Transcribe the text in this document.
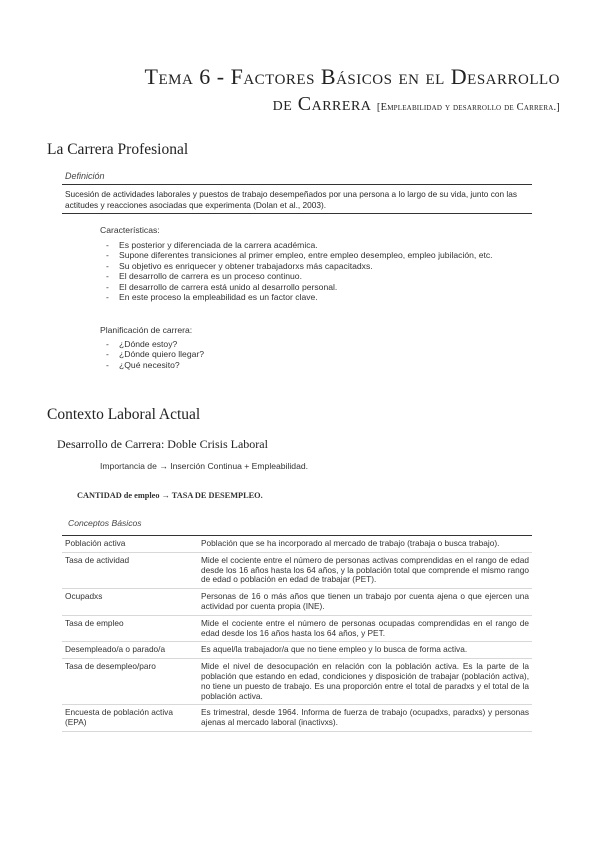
Tema 6 - Factores Básicos en el Desarrollo
de Carrera [Empleabilidad y desarrollo de Carrera.]
La Carrera Profesional
Definición
Sucesión de actividades laborales y puestos de trabajo desempeñados por una persona a lo largo de su vida, junto con las actitudes y reacciones asociadas que experimenta (Dolan et al., 2003).
Características:
- Es posterior y diferenciada de la carrera académica.
- Supone diferentes transiciones al primer empleo, entre empleo desempleo, empleo jubilación, etc.
- Su objetivo es enriquecer y obtener trabajadorxs más capacitadxs.
- El desarrollo de carrera es un proceso continuo.
- El desarrollo de carrera está unido al desarrollo personal.
- En este proceso la empleabilidad es un factor clave.
Planificación de carrera:
- ¿Dónde estoy?
- ¿Dónde quiero llegar?
- ¿Qué necesito?
Contexto Laboral Actual
Desarrollo de Carrera: Doble Crisis Laboral
Importancia de → Inserción Continua + Empleabilidad.
CANTIDAD de empleo → TASA DE DESEMPLEO.
Conceptos Básicos
Población activa	Población que se ha incorporado al mercado de trabajo (trabaja o busca trabajo).
Tasa de actividad	Mide el cociente entre el número de personas activas comprendidas en el rango de edad desde los 16 años hasta los 64 años, y la población total que comprende el mismo rango de edad o población en edad de trabajar (PET).
Ocupadxs	Personas de 16 o más años que tienen un trabajo por cuenta ajena o que ejercen una actividad por cuenta propia (INE).
Tasa de empleo	Mide el cociente entre el número de personas ocupadas comprendidas en el rango de edad desde los 16 años hasta los 64 años, y PET.
Desempleado/a o parado/a	Es aquel/la trabajador/a que no tiene empleo y lo busca de forma activa.
Tasa de desempleo/paro	Mide el nivel de desocupación en relación con la población activa. Es la parte de la población que estando en edad, condiciones y disposición de trabajar (población activa), no tiene un puesto de trabajo. Es una proporción entre el total de paradxs y el total de la población activa.
Encuesta de población activa (EPA)	Es trimestral, desde 1964. Informa de fuerza de trabajo (ocupadxs, paradxs) y personas ajenas al mercado laboral (inactivxs).
